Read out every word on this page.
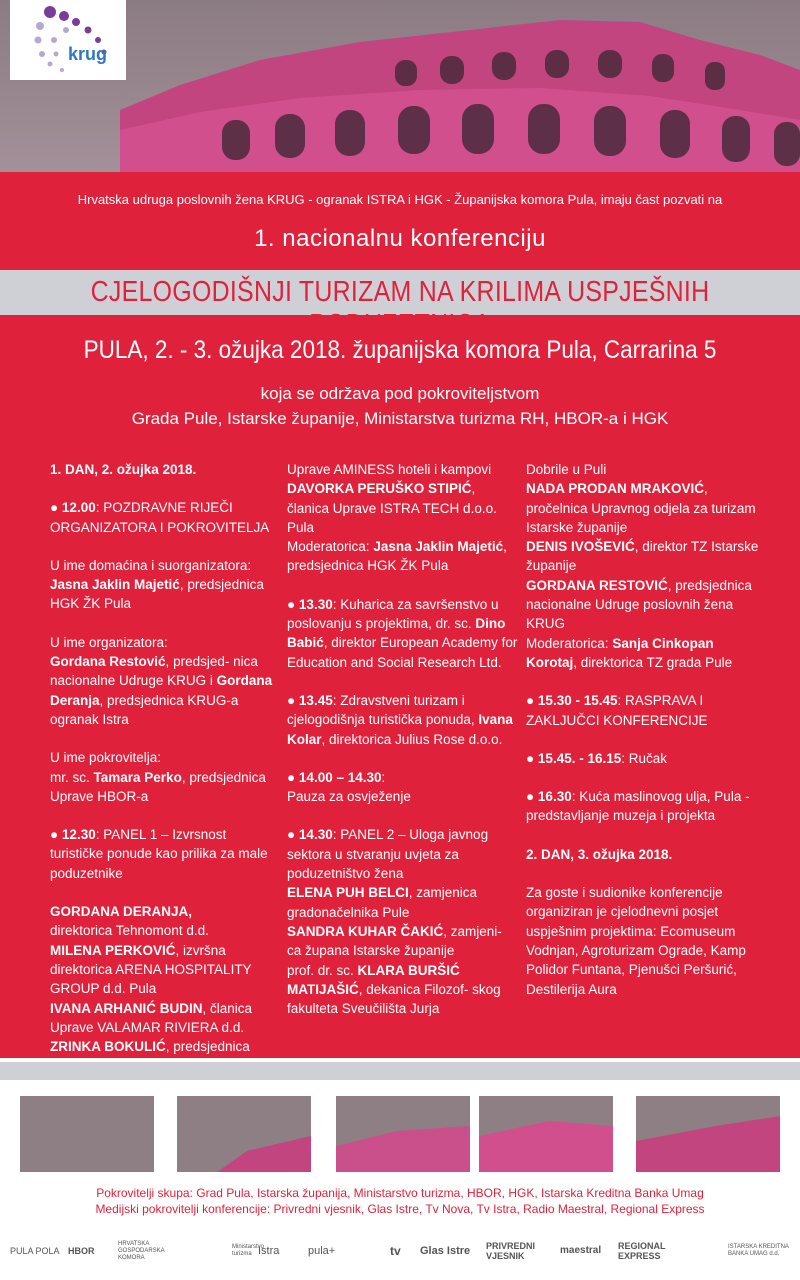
krug
Hrvatska udruga poslovnih žena KRUG - ogranak ISTRA i HGK - Županijska komora Pula, imaju čast pozvati na
1. nacionalnu konferenciju
CJELOGODIŠNJI TURIZAM NA KRILIMA USPJEŠNIH PODUZETNICA
PULA, 2. - 3. ožujka 2018. županijska komora Pula, Carrarina 5
koja se održava pod pokroviteljstvom
Grada Pule, Istarske županije, Ministarstva turizma RH, HBOR-a i HGK

1. DAN, 2. ožujka 2018.

● 12.00: POZDRAVNE RIJEČI ORGANIZATORA I POKROVITELJA

U ime domaćina i suorganizatora:
Jasna Jaklin Majetić, predsjednica HGK ŽK Pula

U ime organizatora:
Gordana Restović, predsjed- nica nacionalne Udruge KRUG i Gordana Deranja, predsjednica KRUG-a ogranak Istra

U ime pokrovitelja:
mr. sc. Tamara Perko, predsjednica Uprave HBOR-a

● 12.30: PANEL 1 – Izvrsnost turističke ponude kao prilika za male poduzetnike

GORDANA DERANJA,
direktorica Tehnomont d.d.
MILENA PERKOVIĆ, izvršna direktorica ARENA HOSPITALITY GROUP d.d. Pula
IVANA ARHANIĆ BUDIN, članica Uprave VALAMAR RIVIERA d.d.
ZRINKA BOKULIĆ, predsjednica

Uprave AMINESS hoteli i kampovi
DAVORKA PERUŠKO STIPIĆ, članica Uprave ISTRA TECH d.o.o. Pula
Moderatorica: Jasna Jaklin Majetić, predsjednica HGK ŽK Pula

● 13.30: Kuharica za savršenstvo u poslovanju s projektima, dr. sc. Dino Babić, direktor European Academy for Education and Social Research Ltd.

● 13.45: Zdravstveni turizam i cjelogodišnja turistička ponuda, Ivana Kolar, direktorica Julius Rose d.o.o.

● 14.00 – 14.30:
Pauza za osvježenje

● 14.30: PANEL 2 – Uloga javnog sektora u stvaranju uvjeta za poduzetništvo žena
ELENA PUH BELCI, zamjenica gradonačelnika Pule
SANDRA KUHAR ČAKIĆ, zamjeni- ca župana Istarske županije
prof. dr. sc. KLARA BURŠIĆ MATIJAŠIĆ, dekanica Filozof- skog fakulteta Sveučilišta Jurja

Dobrile u Puli
NADA PRODAN MRAKOVIĆ, pročelnica Upravnog odjela za turizam Istarske županije
DENIS IVOŠEVIĆ, direktor TZ Istarske županije
GORDANA RESTOVIĆ, predsjednica nacionalne Udruge poslovnih žena KRUG
Moderatorica: Sanja Cinkopan Korotaj, direktorica TZ grada Pule

● 15.30 - 15.45: RASPRAVA I ZAKLJUČCI KONFERENCIJE

● 15.45. - 16.15: Ručak

● 16.30: Kuća maslinovog ulja, Pula - predstavljanje muzeja i projekta

2. DAN, 3. ožujka 2018.

Za goste i sudionike konferencije organiziran je cjelodnevni posjet uspješnim projektima: Ecomuseum Vodnjan, Agroturizam Ograde, Kamp Polidor Funtana, Pjenušci Peršurić, Destilerija Aura

Pokrovitelji skupa: Grad Pula, Istarska županija, Ministarstvo turizma, HBOR, HGK, Istarska Kreditna Banka Umag
Medijski pokrovitelji konferencije: Privredni vjesnik, Glas Istre, Tv Nova, Tv Istra, Radio Maestral, Regional Express
PULA POLA HBOR
HRVATSKA GOSPODARSKA KOMORA
Ministarstvo turizma Istra	pula+	tv Glas Istre PRIVREDNI VJESNIK	maestral REGIONAL EXPRESS
ISTARSKA KREDITNA BANKA UMAG d.d.
